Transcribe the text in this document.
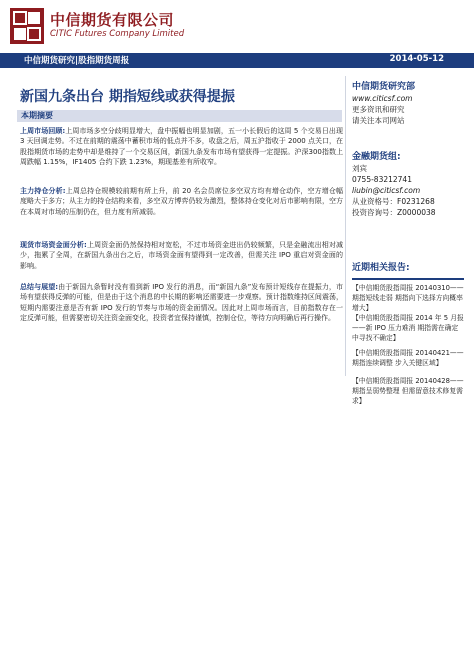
中信期货有限公司
CITIC Futures Company Limited
中信期货研究|股指期货周报	2014-05-12
新国九条出台 期指短线或获得提振
本期摘要
上周市场回顾:上周市场多空分歧明显增大，盘中振幅也明显加剧，五一小长假后的这周 5 个交易日出现 3 天回调走势。不过在前期的震荡中蓄积市场的低点并不多，收盘之后，周五沪指收于 2000 点关口，在股指期货市场的走势中却是维持了一个交易区间，新国九条发布市场有望获得一定提振。沪深300指数上周跌幅 1.15%，IF1405 合约下跌 1.23%，期现基差有所收窄。
主力持仓分析:上周总持仓规模较前期有所上升，前 20 名会员席位多空双方均有增仓动作，空方增仓幅度略大于多方；从主力的持仓结构来看，多空双方博弈仍较为激烈，整体持仓变化对后市影响有限，空方在本周对市场的压制仍在，但力度有所减弱。
现货市场资金面分析:上周资金面仍然保持相对宽松，不过市场资金进出仍较频繁，只是金融流出相对减少，拖累了全周，在新国九条出台之后，市场资金面有望得到一定改善，但需关注 IPO 重启对资金面的影响。
总结与展望:由于新国九条暂时没有看到新 IPO 发行的消息，而“新国九条”发布预计短线存在提振力，市场有望获得反弹的可能，但是由于这个消息的中长期的影响还需要进一步观察。预计指数维持区间震荡，短期内需要注意是否有新 IPO 发行的节奏与市场的资金面情况。因此对上周市场而言，目前指数存在一定反弹可能，但需要密切关注资金面变化，投资者宜保持谨慎，控制仓位，等待方向明确后再行操作。
中信期货研究部
www.citicsf.com
更多资讯和研究
请关注本司网站
金融期货组:
刘宾
0755-83212741
liubin@citicsf.com
从业资格号：F0231268
投资咨询号：Z0000038
近期相关报告:
【中信期货股指周报 20140310——期指短线走弱 期指向下选择方向概率增大】
【中信期货股指周报 2014 年 5 月报——新 IPO 压力难消 期指需在确定中寻找不确定】
【中信期货股指周报 20140421——期指连续调整 步入关键区域】
【中信期货股指周报 20140428——期指呈弱势整理 但需留意技术修复需求】
